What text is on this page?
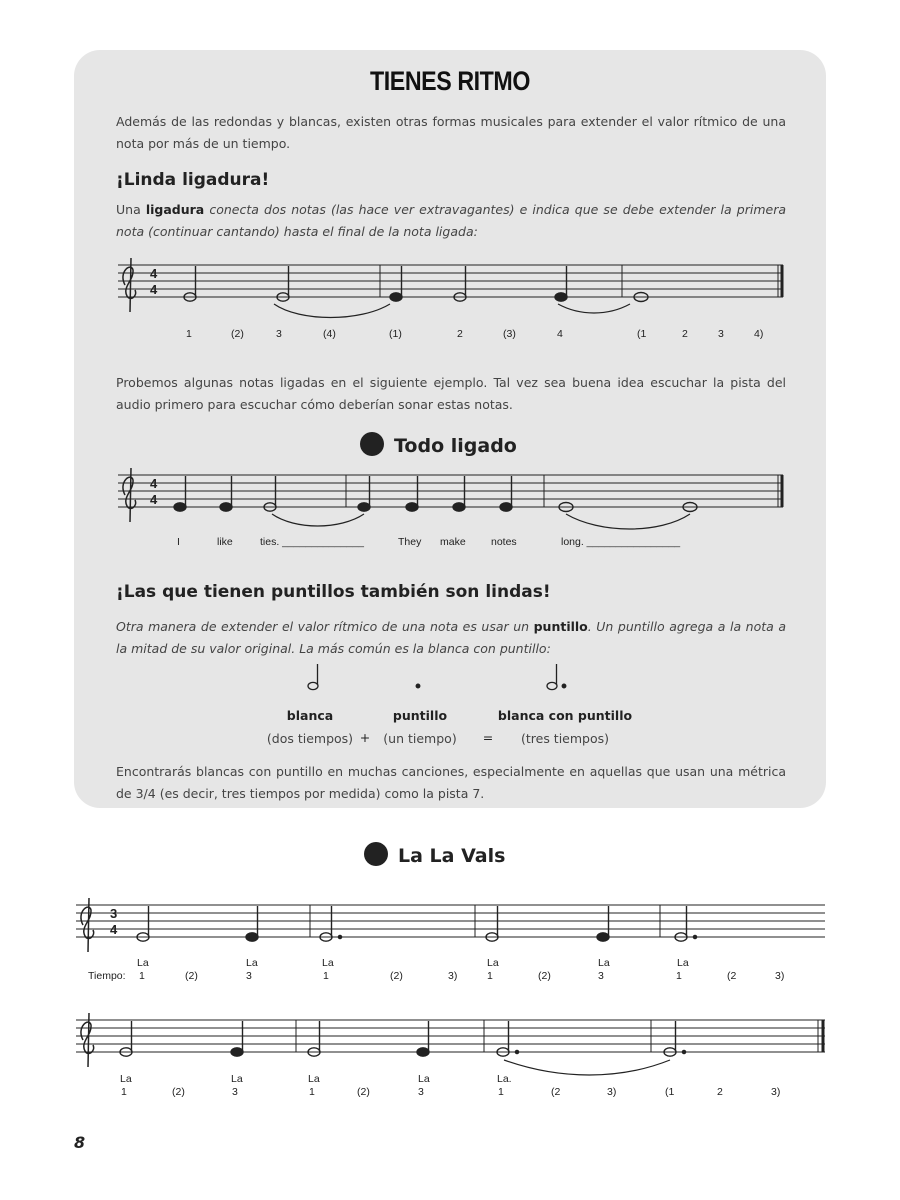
TIENES RITMO
Además de las redondas y blancas, existen otras formas musicales para extender el valor rítmico de una nota por más de un tiempo.
¡Linda ligadura!
Una ligadura conecta dos notas (las hace ver extravagantes) e indica que se debe extender la primera nota (continuar cantando) hasta el final de la nota ligada:
4
4
4
4
3
4
1	(2)	3	(4)	(1)	2	(3)	4	(1	2	3	4)
Probemos algunas notas ligadas en el siguiente ejemplo. Tal vez sea buena idea escuchar la pista del audio primero para escuchar cómo deberían sonar estas notas.
Todo ligado
I	like	ties. ______________	They make notes	long. ________________
¡Las que tienen puntillos también son lindas!
Otra manera de extender el valor rítmico de una nota es usar un puntillo. Un puntillo agrega a la nota a la mitad de su valor original. La más común es la blanca con puntillo:
blanca
(dos tiempos) +
puntillo
(un tiempo)	=
blanca con puntillo
(tres tiempos)
Encontrarás blancas con puntillo en muchas canciones, especialmente en aquellas que usan una métrica de 3/4 (es decir, tres tiempos por medida) como la pista 7.
La La Vals
Tiempo:
La	La	La	La	La	La
1	(2)	3	1	(2)	3)	1	(2)	3	1	(2	3)
La	La	La	La	La.
1	(2)	3	1	(2)	3	1	(2	3)	(1	2	3)
8
